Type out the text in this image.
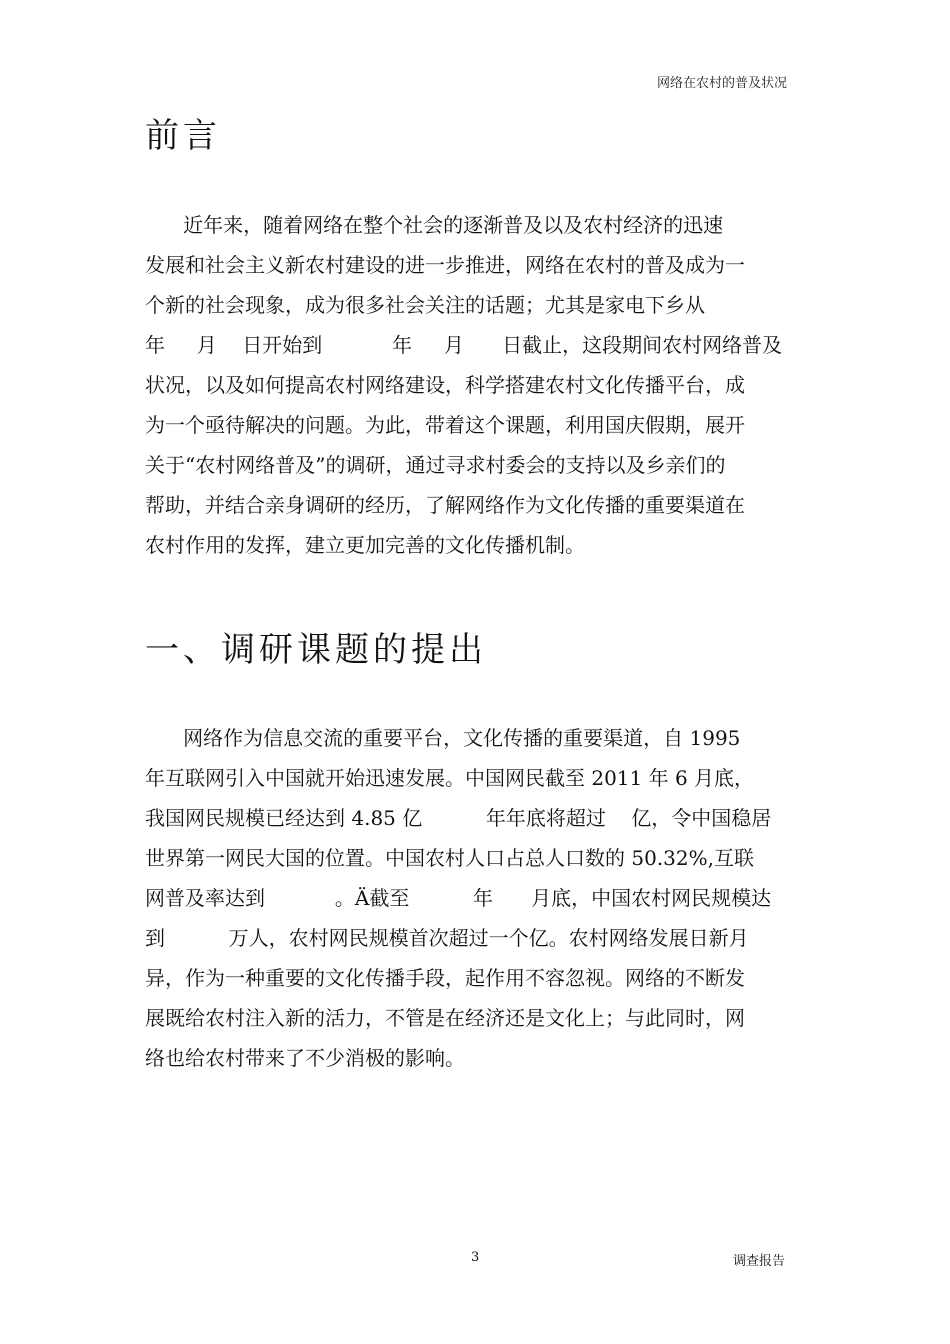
网络在农村的普及状况
前言
近年来，随着网络在整个社会的逐渐普及以及农村经济的迅速
发展和社会主义新农村建设的进一步推进，网络在农村的普及成为一
个新的社会现象，成为很多社会关注的话题；尤其是家电下乡从
年     月    日开始到           年     月      日截止，这段期间农村网络普及
状况，以及如何提高农村网络建设，科学搭建农村文化传播平台，成
为一个亟待解决的问题。为此，带着这个课题，利用国庆假期，展开
关于“农村网络普及”的调研，通过寻求村委会的支持以及乡亲们的
帮助，并结合亲身调研的经历，了解网络作为文化传播的重要渠道在
农村作用的发挥，建立更加完善的文化传播机制。
一、调研课题的提出
网络作为信息交流的重要平台，文化传播的重要渠道，自 1995
年互联网引入中国就开始迅速发展。中国网民截至 2011 年 6 月底，
我国网民规模已经达到 4.85 亿          年年底将超过    亿，令中国稳居
世界第一网民大国的位置。中国农村人口占总人口数的 50.32%,互联
网普及率达到           。Ä截至          年      月底，中国农村网民规模达
到          万人，农村网民规模首次超过一个亿。农村网络发展日新月
异，作为一种重要的文化传播手段，起作用不容忽视。网络的不断发
展既给农村注入新的活力，不管是在经济还是文化上；与此同时，网
络也给农村带来了不少消极的影响。
3	调查报告
